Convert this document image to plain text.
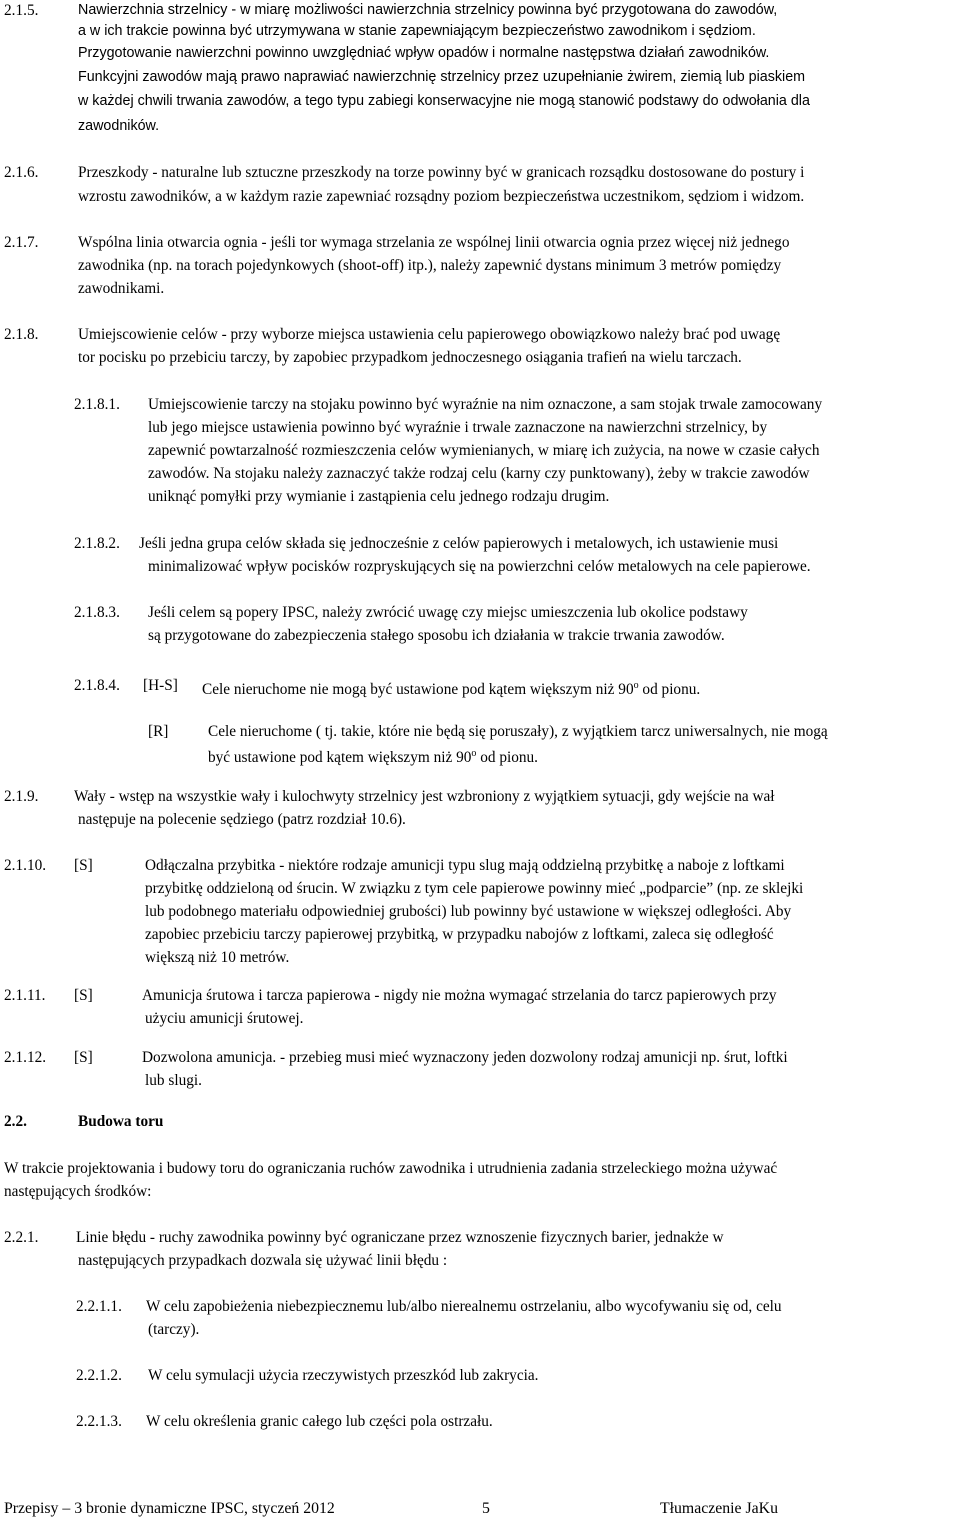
2.1.5.	Nawierzchnia strzelnicy - w miarę możliwości nawierzchnia strzelnicy powinna być przygotowana do zawodów,
a w ich trakcie powinna być utrzymywana w stanie zapewniającym bezpieczeństwo zawodnikom i sędziom.
Przygotowanie nawierzchni powinno uwzględniać wpływ opadów i normalne następstwa działań zawodników.
Funkcyjni zawodów mają prawo naprawiać nawierzchnię strzelnicy przez uzupełnianie żwirem, ziemią lub piaskiem
w każdej chwili trwania zawodów, a tego typu zabiegi konserwacyjne nie mogą stanowić podstawy do odwołania dla
zawodników.
2.1.6.	Przeszkody - naturalne lub sztuczne przeszkody na torze powinny być w granicach rozsądku dostosowane do postury i
wzrostu zawodników, a w każdym razie zapewniać rozsądny poziom bezpieczeństwa uczestnikom, sędziom i widzom.
2.1.7.	Wspólna linia otwarcia ognia - jeśli tor wymaga strzelania ze wspólnej linii otwarcia ognia przez więcej niż jednego
zawodnika (np. na torach pojedynkowych (shoot-off) itp.), należy zapewnić dystans minimum 3 metrów pomiędzy
zawodnikami.
2.1.8.	Umiejscowienie celów - przy wyborze miejsca ustawienia celu papierowego obowiązkowo należy brać pod uwagę
tor pocisku po przebiciu tarczy, by zapobiec przypadkom jednoczesnego osiągania trafień na wielu tarczach.
2.1.8.1. Umiejscowienie tarczy na stojaku powinno być wyraźnie na nim oznaczone, a sam stojak trwale zamocowany
lub jego miejsce ustawienia powinno być wyraźnie i trwale zaznaczone na nawierzchni strzelnicy, by
zapewnić powtarzalność rozmieszczenia celów wymienianych, w miarę ich zużycia, na nowe w czasie całych
zawodów. Na stojaku należy zaznaczyć także rodzaj celu (karny czy punktowany), żeby w trakcie zawodów
uniknąć pomyłki przy wymianie i zastąpienia celu jednego rodzaju drugim.
2.1.8.2. Jeśli jedna grupa celów składa się jednocześnie z celów papierowych i metalowych, ich ustawienie musi
minimalizować wpływ pocisków rozpryskujących się na powierzchni celów metalowych na cele papierowe.
2.1.8.3. Jeśli celem są popery IPSC, należy zwrócić uwagę czy miejsc umieszczenia lub okolice podstawy
są przygotowane do zabezpieczenia stałego sposobu ich działania w trakcie trwania zawodów.
2.1.8.4. [H-S] Cele nieruchome nie mogą być ustawione pod kątem większym niż 90$^o$ od pionu.
[R]	Cele nieruchome ( tj. takie, które nie będą się poruszały), z wyjątkiem tarcz uniwersalnych, nie mogą
być ustawione pod kątem większym niż 90$^o$ od pionu.
2.1.9. Wały - wstęp na wszystkie wały i kulochwyty strzelnicy jest wzbroniony z wyjątkiem sytuacji, gdy wejście na wał
następuje na polecenie sędziego (patrz rozdział 10.6).
2.1.10. [S]	Odłączalna przybitka - niektóre rodzaje amunicji typu slug mają oddzielną przybitkę a naboje z loftkami
przybitkę oddzieloną od śrucin. W związku z tym cele papierowe powinny mieć „podparcie” (np. ze sklejki
lub podobnego materiału odpowiedniej grubości) lub powinny być ustawione w większej odległości. Aby
zapobiec przebiciu tarczy papierowej przybitką, w przypadku nabojów z loftkami, zaleca się odległość
większą niż 10 metrów.
2.1.11. [S]	Amunicja śrutowa i tarcza papierowa - nigdy nie można wymagać strzelania do tarcz papierowych przy
użyciu amunicji śrutowej.
2.1.12. [S]	Dozwolona amunicja. - przebieg musi mieć wyznaczony jeden dozwolony rodzaj amunicji np. śrut, loftki
lub slugi.
2.2.	Budowa toru
W trakcie projektowania i budowy toru do ograniczania ruchów zawodnika i utrudnienia zadania strzeleckiego można używać
następujących środków:
2.2.1. Linie błędu - ruchy zawodnika powinny być ograniczane przez wznoszenie fizycznych barier, jednakże w
następujących przypadkach dozwala się używać linii błędu :
2.2.1.1. W celu zapobieżenia niebezpiecznemu lub/albo nierealnemu ostrzelaniu, albo wycofywaniu się od, celu
(tarczy).
2.2.1.2. W celu symulacji użycia rzeczywistych przeszkód lub zakrycia.
2.2.1.3. W celu określenia granic całego lub części pola ostrzału.
Przepisy – 3 bronie dynamiczne IPSC, styczeń 2012	5	Tłumaczenie JaKu
